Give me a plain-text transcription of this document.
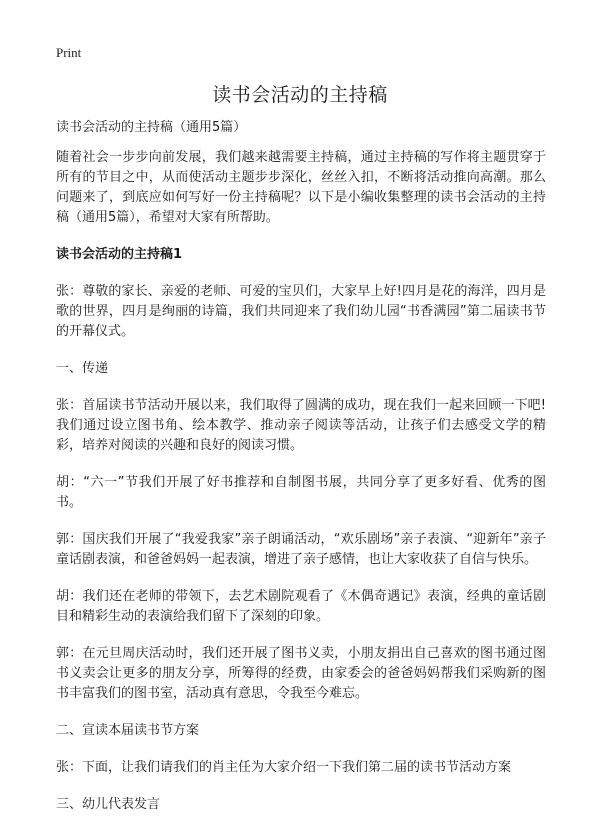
Print
读书会活动的主持稿

读书会活动的主持稿（通用5篇）

随着社会一步步向前发展，我们越来越需要主持稿，通过主持稿的写作将主题贯穿于所有的节目之中，从而使活动主题步步深化，丝丝入扣，不断将活动推向高潮。那么问题来了，到底应如何写好一份主持稿呢？以下是小编收集整理的读书会活动的主持稿（通用5篇），希望对大家有所帮助。

读书会活动的主持稿1

张：尊敬的家长、亲爱的老师、可爱的宝贝们，大家早上好!四月是花的海洋，四月是歌的世界，四月是绚丽的诗篇，我们共同迎来了我们幼儿园“书香满园”第二届读书节的开幕仪式。

一、传递

张：首届读书节活动开展以来，我们取得了圆满的成功，现在我们一起来回顾一下吧!我们通过设立图书角、绘本教学、推动亲子阅读等活动，让孩子们去感受文学的精彩，培养对阅读的兴趣和良好的阅读习惯。

胡：“六一”节我们开展了好书推荐和自制图书展，共同分享了更多好看、优秀的图书。

郭：国庆我们开展了“我爱我家”亲子朗诵活动，“欢乐剧场”亲子表演、“迎新年”亲子童话剧表演，和爸爸妈妈一起表演，增进了亲子感情，也让大家收获了自信与快乐。

胡：我们还在老师的带领下，去艺术剧院观看了《木偶奇遇记》表演，经典的童话剧目和精彩生动的表演给我们留下了深刻的印象。

郭：在元旦周庆活动时，我们还开展了图书义卖，小朋友捐出自己喜欢的图书通过图书义卖会让更多的朋友分享，所筹得的经费，由家委会的爸爸妈妈帮我们采购新的图书丰富我们的图书室，活动真有意思，令我至今难忘。

二、宣读本届读书节方案

张：下面，让我们请我们的肖主任为大家介绍一下我们第二届的读书节活动方案

三、幼儿代表发言
